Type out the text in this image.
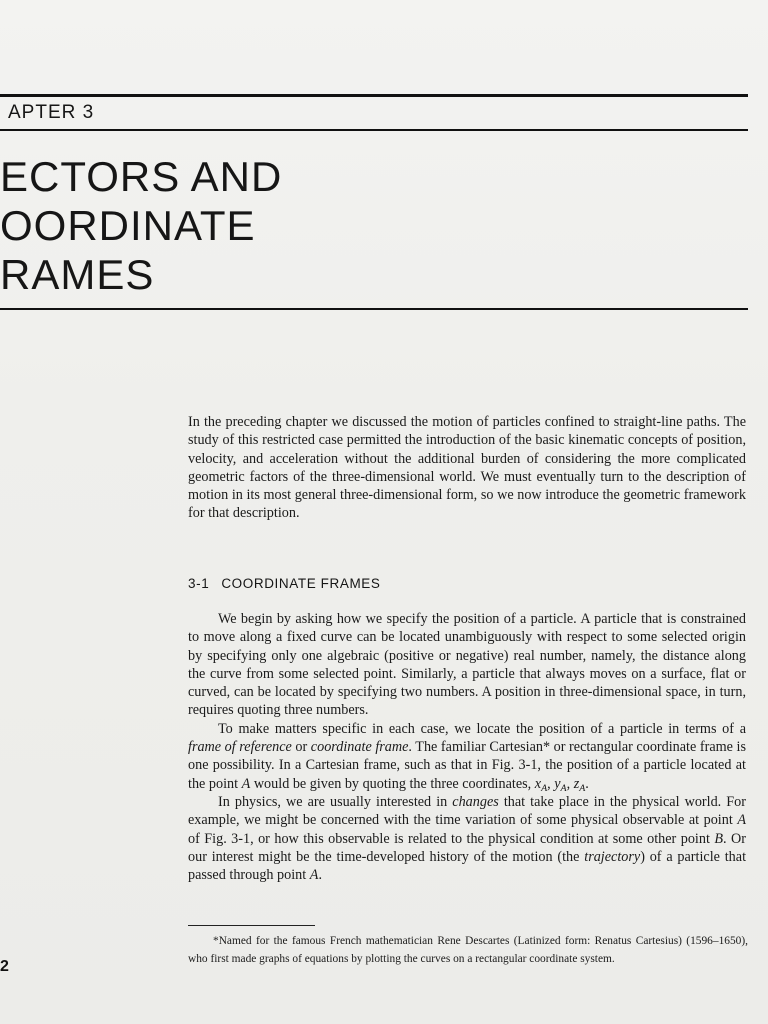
APTER 3
ECTORS AND
OORDINATE
RAMES

In the preceding chapter we discussed the motion of particles confined to straight-line paths. The study of this restricted case permitted the introduction of the basic kinematic concepts of position, velocity, and acceleration without the additional burden of considering the more complicated geometric factors of the three-dimensional world. We must eventually turn to the description of motion in its most general three-dimensional form, so we now introduce the geometric framework for that description.

3-1 COORDINATE FRAMES

We begin by asking how we specify the position of a particle. A particle that is constrained to move along a fixed curve can be located unambiguously with respect to some selected origin by specifying only one algebraic (positive or negative) real number, namely, the distance along the curve from some selected point. Similarly, a particle that always moves on a surface, flat or curved, can be located by specifying two numbers. A position in three-dimensional space, in turn, requires quoting three numbers.

To make matters specific in each case, we locate the position of a particle in terms of a frame of reference or coordinate frame. The familiar Cartesian* or rectangular coordinate frame is one possibility. In a Cartesian frame, such as that in Fig. 3-1, the position of a particle located at the point A would be given by quoting the three coordinates, $x_A$, $y_A$, $z_A$.

In physics, we are usually interested in changes that take place in the physical world. For example, we might be concerned with the time variation of some physical observable at point A of Fig. 3-1, or how this observable is related to the physical condition at some other point B. Or our interest might be the time-developed history of the motion (the trajectory) of a particle that passed through point A.

*Named for the famous French mathematician Rene Descartes (Latinized form: Renatus Cartesius) (1596–1650), who first made graphs of equations by plotting the curves on a rectangular coordinate system.

2
